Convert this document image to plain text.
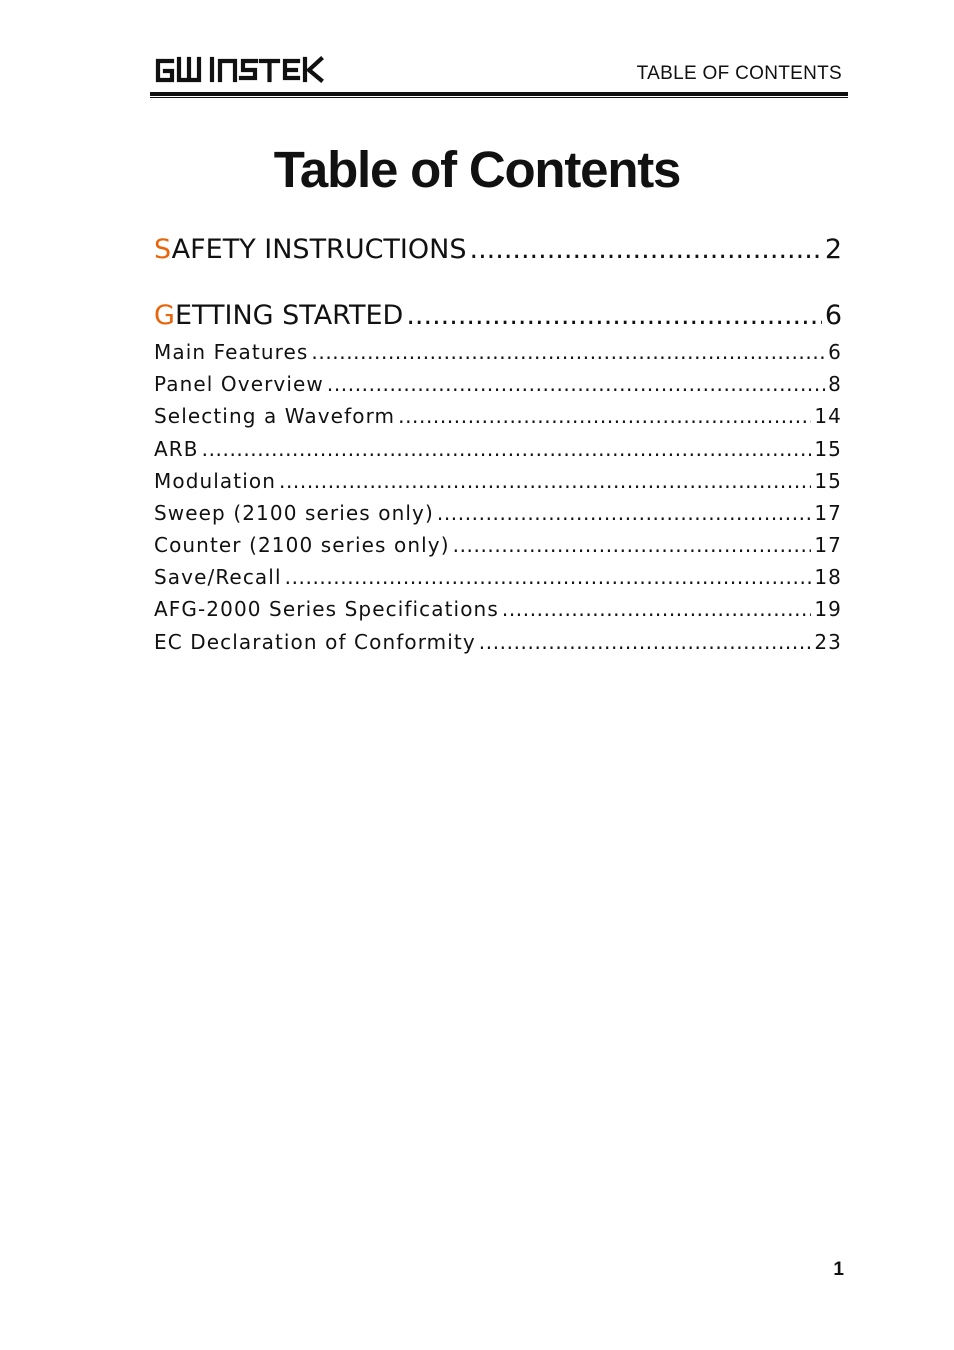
TABLE OF CONTENTS
Table of Contents
SAFETY INSTRUCTIONS .....	2
GETTING STARTED .....	6
Main Features .....	6
Panel Overview .....	8
Selecting a Waveform .....	14
ARB .....	15
Modulation .....	15
Sweep (2100 series only) .....	17
Counter (2100 series only) .....	17
Save/Recall .....	18
AFG-2000 Series Specifications .....	19
EC Declaration of Conformity .....	23
1
